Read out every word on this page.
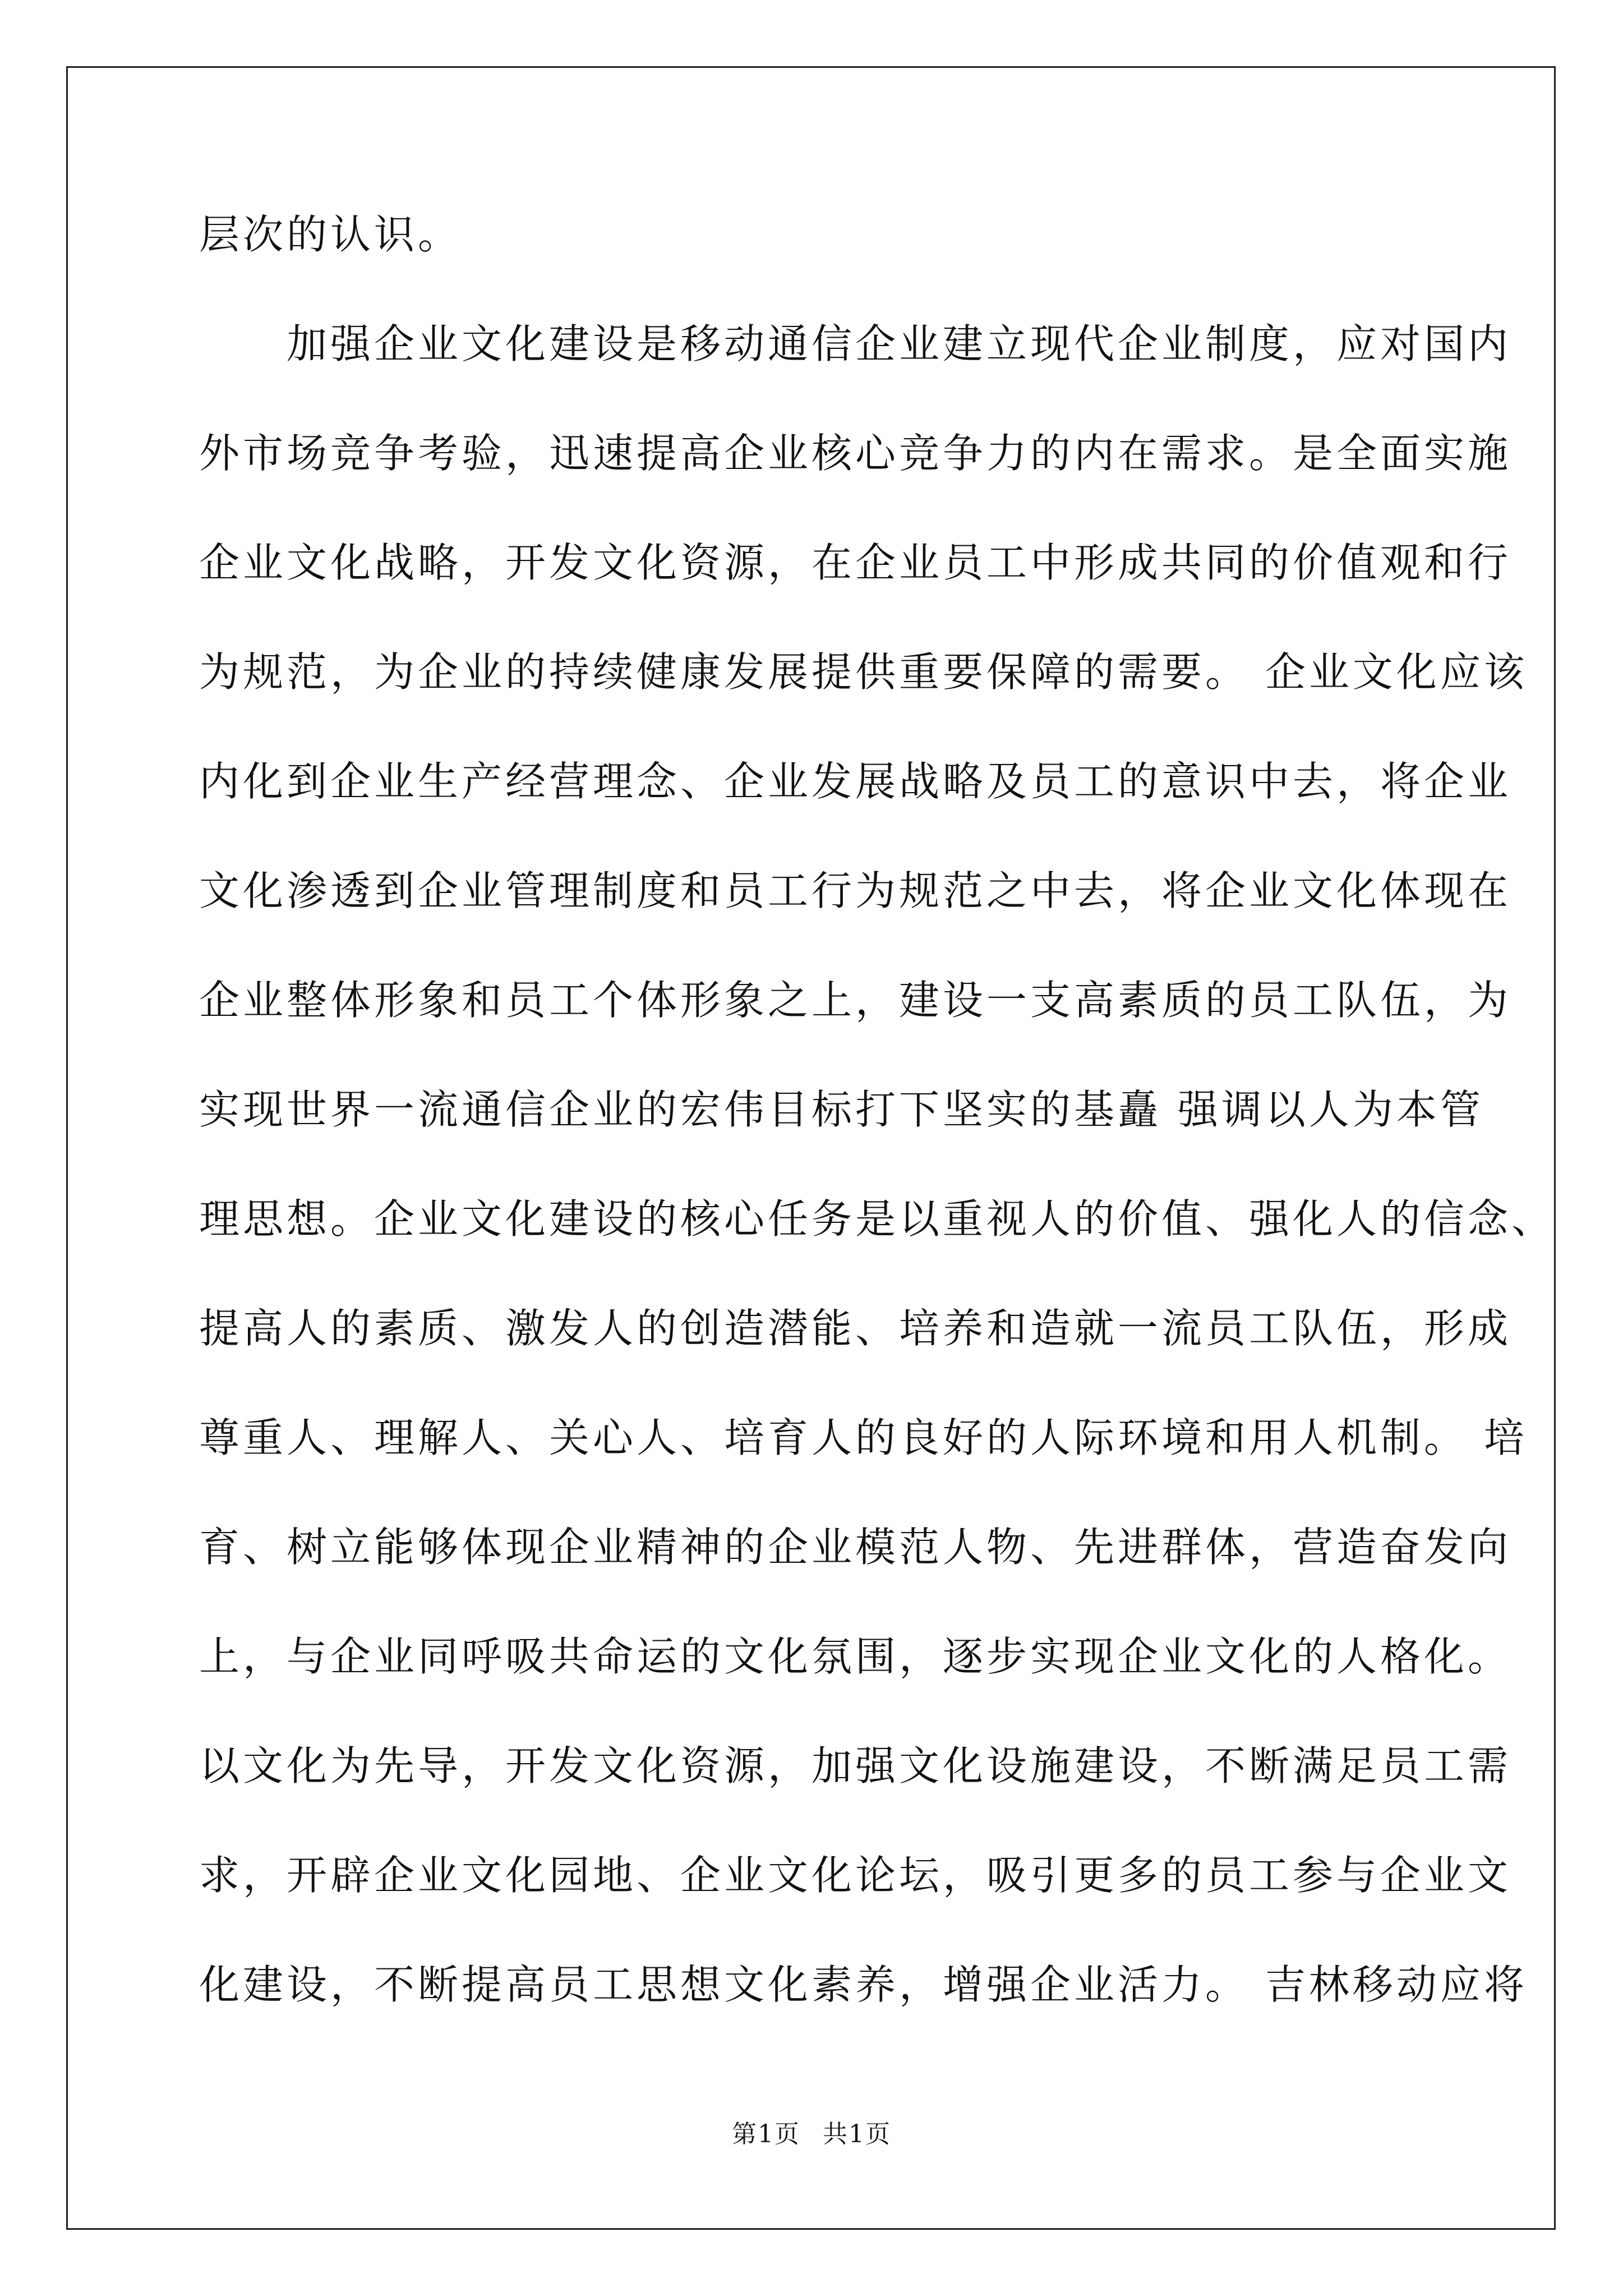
层次的认识。
　　加强企业文化建设是移动通信企业建立现代企业制度，应对国内
外市场竞争考验，迅速提高企业核心竞争力的内在需求。是全面实施
企业文化战略，开发文化资源，在企业员工中形成共同的价值观和行
为规范，为企业的持续健康发展提供重要保障的需要。 企业文化应该
内化到企业生产经营理念、企业发展战略及员工的意识中去，将企业
文化渗透到企业管理制度和员工行为规范之中去，将企业文化体现在
企业整体形象和员工个体形象之上，建设一支高素质的员工队伍，为
实现世界一流通信企业的宏伟目标打下坚实的基矗 强调以人为本管
理思想。企业文化建设的核心任务是以重视人的价值、强化人的信念、
提高人的素质、激发人的创造潜能、培养和造就一流员工队伍，形成
尊重人、理解人、关心人、培育人的良好的人际环境和用人机制。 培
育、树立能够体现企业精神的企业模范人物、先进群体，营造奋发向
上，与企业同呼吸共命运的文化氛围，逐步实现企业文化的人格化。
以文化为先导，开发文化资源，加强文化设施建设，不断满足员工需
求，开辟企业文化园地、企业文化论坛，吸引更多的员工参与企业文
化建设，不断提高员工思想文化素养，增强企业活力。 吉林移动应将
第1页 共1页
